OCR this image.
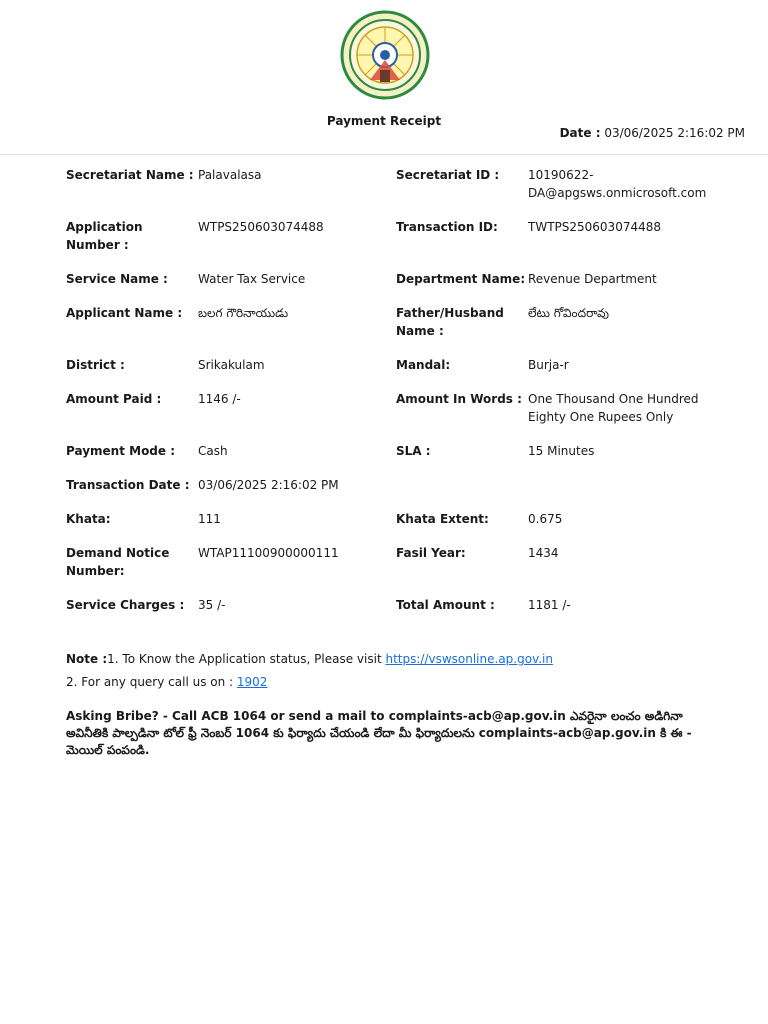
Payment Receipt
Date : 03/06/2025 2:16:02 PM
Secretariat Name : Palavalasa	Secretariat ID :	10190622-DA@apgsws.onmicrosoft.com
Application Number :
WTPS250603074488	Transaction ID:	TWTPS250603074488
Service Name :	Water Tax Service	Department Name: Revenue Department
Applicant Name :	బలగ గౌరినాయుడు	Father/Husband Name :
లేటు గోవిందరావు
District :	Srikakulam	Mandal:	Burja-r
Amount Paid :	1146 /-	Amount In Words : One Thousand One Hundred Eighty One Rupees Only
Payment Mode :	Cash	SLA :	15 Minutes
Transaction Date : 03/06/2025 2:16:02 PM
Khata:	111	Khata Extent:	0.675
Demand Notice Number:
WTAP11100900000111	Fasil Year:	1434
Service Charges :	35 /-	Total Amount :	1181 /-

Note :1. To Know the Application status, Please visit https://vswsonline.ap.gov.in

2. For any query call us on : 1902

Asking Bribe? - Call ACB 1064 or send a mail to complaints-acb@ap.gov.in ఎవరైనా లంచం అడిగినా అవినీతికి పాల్పడినా టోల్ ఫ్రీ నెంబర్ 1064 కు ఫిర్యాదు చేయండి లేదా మీ ఫిర్యాదులను complaints-acb@ap.gov.in కి ఈ - మెయిల్ పంపండి.
